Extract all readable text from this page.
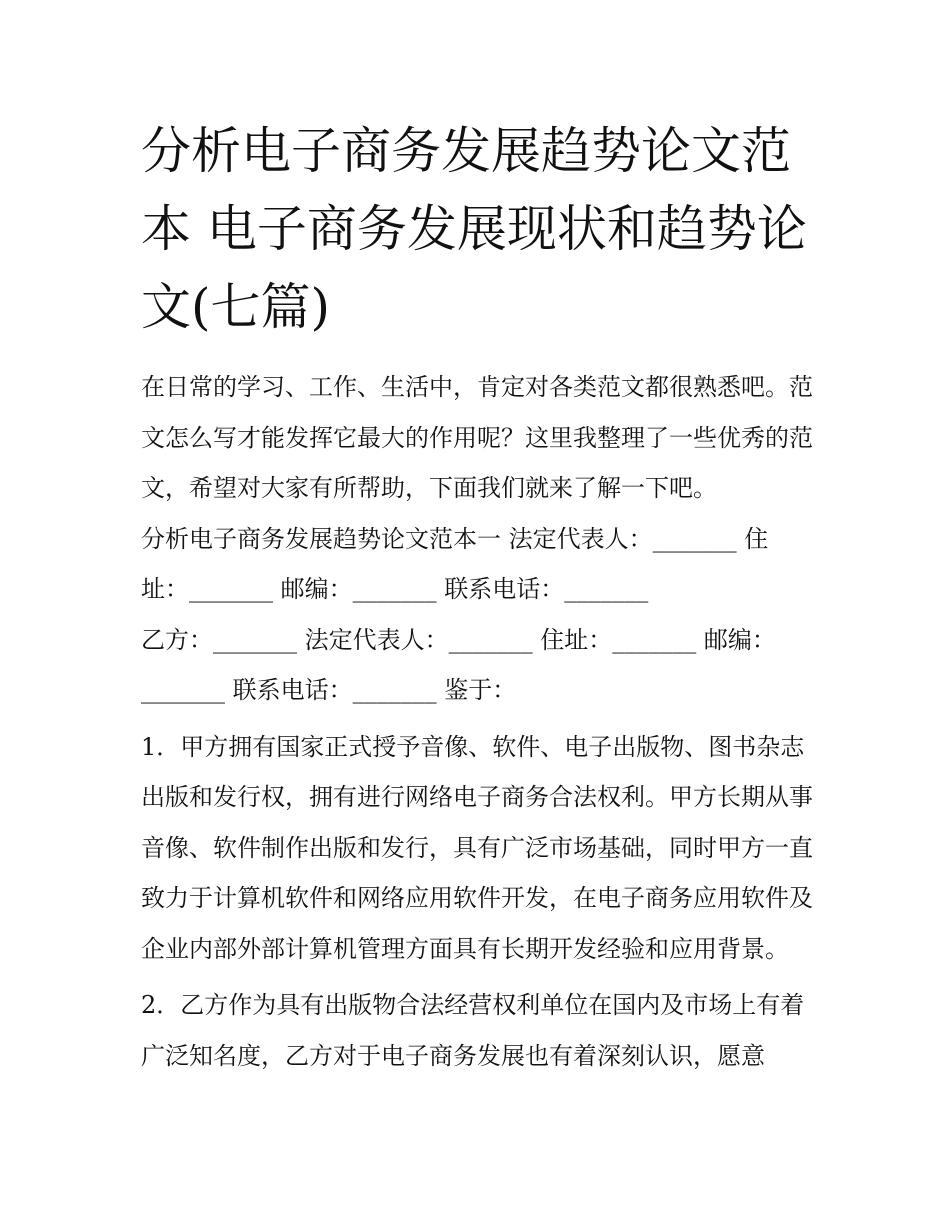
分析电子商务发展趋势论文范本 电子商务发展现状和趋势论文(七篇)

在日常的学习、工作、生活中，肯定对各类范文都很熟悉吧。范文怎么写才能发挥它最大的作用呢？这里我整理了一些优秀的范文，希望对大家有所帮助，下面我们就来了解一下吧。

分析电子商务发展趋势论文范本一 法定代表人：_______ 住址：_______ 邮编：_______ 联系电话：_______

乙方：_______ 法定代表人：_______ 住址：_______ 邮编：_______ 联系电话：_______ 鉴于：

1．甲方拥有国家正式授予音像、软件、电子出版物、图书杂志出版和发行权，拥有进行网络电子商务合法权利。甲方长期从事音像、软件制作出版和发行，具有广泛市场基础，同时甲方一直致力于计算机软件和网络应用软件开发，在电子商务应用软件及企业内部外部计算机管理方面具有长期开发经验和应用背景。

2．乙方作为具有出版物合法经营权利单位在国内及市场上有着广泛知名度，乙方对于电子商务发展也有着深刻认识，愿意
